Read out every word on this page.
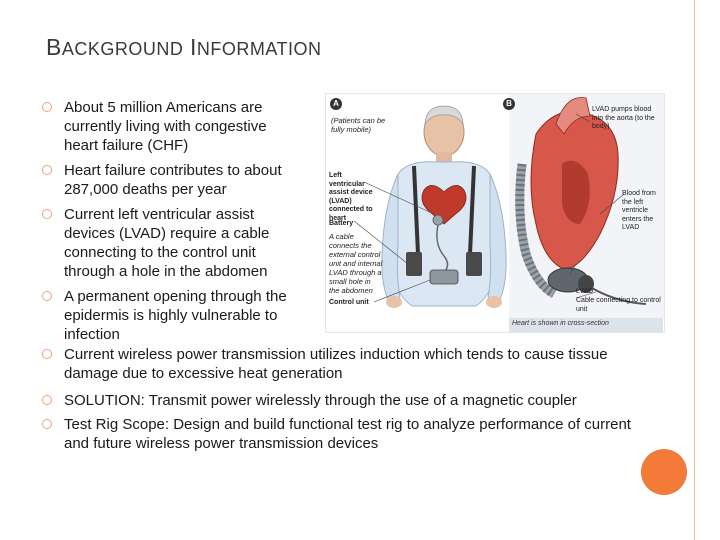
BACKGROUND INFORMATION
About 5 million Americans are currently living with congestive heart failure (CHF)
Heart failure contributes to about 287,000 deaths per year
Current left ventricular assist devices (LVAD) require a cable connecting to the control unit through a hole in the abdomen
A permanent opening through the epidermis is highly vulnerable to infection
Current wireless power transmission utilizes induction which tends to cause tissue damage due to excessive heat generation
SOLUTION: Transmit power wirelessly through the use of a magnetic coupler
Test Rig Scope: Design and build functional test rig to analyze performance of current and future wireless power transmission devices
A	B
(Patients can be fully mobile)
Left ventricular assist device (LVAD) connected to heart
Battery
A cable connects the external control unit and internal LVAD through a small hole in the abdomen
Control unit
LVAD pumps blood into the aorta (to the body)
Blood from the left ventricle enters the LVAD
LVAD
Cable connecting to control unit
Heart is shown in cross-section
